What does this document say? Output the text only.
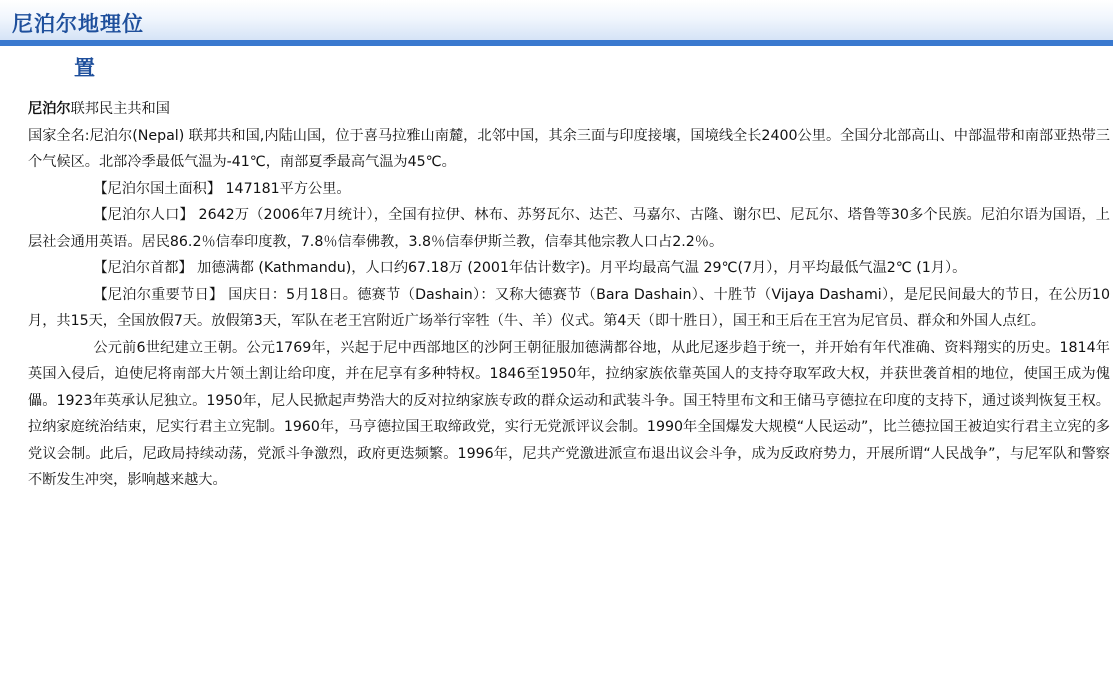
尼泊尔地理位
置

尼泊尔联邦民主共和国

国家全名:尼泊尔(Nepal) 联邦共和国,内陆山国，位于喜马拉雅山南麓，北邻中国，其余三面与印度接壤，国境线全长2400公里。全国分北部高山、中部温带和南部亚热带三个气候区。北部冷季最低气温为-41℃，南部夏季最高气温为45℃。

【尼泊尔国土面积】 147181平方公里。

【尼泊尔人口】 2642万（2006年7月统计），全国有拉伊、林布、苏努瓦尔、达芒、马嘉尔、古隆、谢尔巴、尼瓦尔、塔鲁等30多个民族。尼泊尔语为国语，上层社会通用英语。居民86.2％信奉印度教，7.8％信奉佛教，3.8％信奉伊斯兰教，信奉其他宗教人口占2.2％。

【尼泊尔首都】 加德满都 (Kathmandu)，人口约67.18万 (2001年估计数字)。月平均最高气温 29℃(7月），月平均最低气温2℃ (1月）。

【尼泊尔重要节日】 国庆日：5月18日。德赛节（Dashain）：又称大德赛节（Bara Dashain）、十胜节（Vijaya Dashami），是尼民间最大的节日，在公历10月，共15天，全国放假7天。放假第3天，军队在老王宫附近广场举行宰牲（牛、羊）仪式。第4天（即十胜日），国王和王后在王宫为尼官员、群众和外国人点红。

公元前6世纪建立王朝。公元1769年，兴起于尼中西部地区的沙阿王朝征服加德满都谷地，从此尼逐步趋于统一，并开始有年代准确、资料翔实的历史。1814年英国入侵后，迫使尼将南部大片领土割让给印度，并在尼享有多种特权。1846至1950年，拉纳家族依靠英国人的支持夺取军政大权，并获世袭首相的地位，使国王成为傀儡。1923年英承认尼独立。1950年，尼人民掀起声势浩大的反对拉纳家族专政的群众运动和武装斗争。国王特里布文和王储马亨德拉在印度的支持下，通过谈判恢复王权。拉纳家庭统治结束，尼实行君主立宪制。1960年，马亨德拉国王取缔政党，实行无党派评议会制。1990年全国爆发大规模“人民运动”，比兰德拉国王被迫实行君主立宪的多党议会制。此后，尼政局持续动荡，党派斗争激烈，政府更迭频繁。1996年，尼共产党激进派宣布退出议会斗争，成为反政府势力，开展所谓“人民战争”，与尼军队和警察不断发生冲突，影响越来越大。
